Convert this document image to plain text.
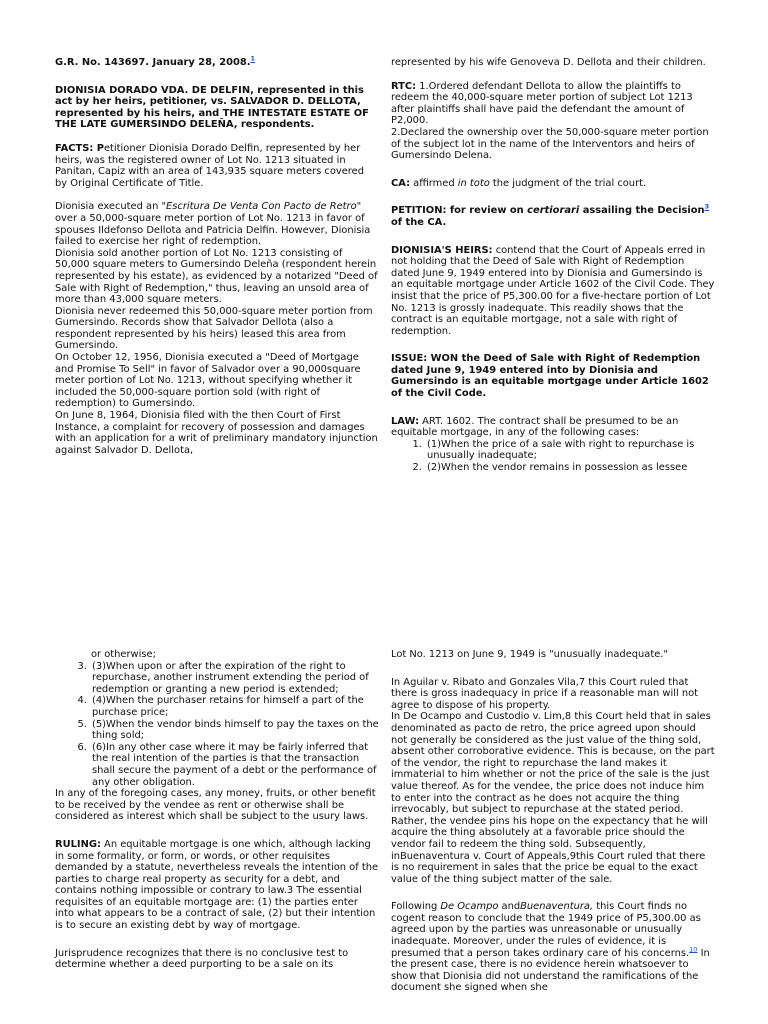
G.R. No. 143697. January 28, 2008.$^1$

DIONISIA DORADO VDA. DE DELFIN, represented in this act by her heirs, petitioner, vs. SALVADOR D. DELLOTA, represented by his heirs, and THE INTESTATE ESTATE OF THE LATE GUMERSINDO DELEÑA, respondents.

FACTS: Petitioner Dionisia Dorado Delfin, represented by her heirs, was the registered owner of Lot No. 1213 situated in Panitan, Capiz with an area of 143,935 square meters covered by Original Certificate of Title.

Dionisia executed an "Escritura De Venta Con Pacto de Retro" over a 50,000-square meter portion of Lot No. 1213 in favor of spouses Ildefonso Dellota and Patricia Delfin. However, Dionisia failed to exercise her right of redemption.

Dionisia sold another portion of Lot No. 1213 consisting of 50,000 square meters to Gumersindo Deleña (respondent herein represented by his estate), as evidenced by a notarized "Deed of Sale with Right of Redemption," thus, leaving an unsold area of more than 43,000 square meters.

Dionisia never redeemed this 50,000-square meter portion from Gumersindo. Records show that Salvador Dellota (also a respondent represented by his heirs) leased this area from Gumersindo.

On October 12, 1956, Dionisia executed a "Deed of Mortgage and Promise To Sell" in favor of Salvador over a 90,000square meter portion of Lot No. 1213, without specifying whether it included the 50,000-square portion sold (with right of redemption) to Gumersindo.

On June 8, 1964, Dionisia filed with the then Court of First Instance, a complaint for recovery of possession and damages with an application for a writ of preliminary mandatory injunction against Salvador D. Dellota,

represented by his wife Genoveva D. Dellota and their children.

RTC: 1.Ordered defendant Dellota to allow the plaintiffs to redeem the 40,000-square meter portion of subject Lot 1213 after plaintiffs shall have paid the defendant the amount of P2,000.

2.Declared the ownership over the 50,000-square meter portion of the subject lot in the name of the Interventors and heirs of Gumersindo Delena.

CA: affirmed in toto the judgment of the trial court.

PETITION: for review on certiorari assailing the Decision$^3$ of the CA.

DIONISIA'S HEIRS: contend that the Court of Appeals erred in not holding that the Deed of Sale with Right of Redemption dated June 9, 1949 entered into by Dionisia and Gumersindo is an equitable mortgage under Article 1602 of the Civil Code. They insist that the price of P5,300.00 for a five-hectare portion of Lot No. 1213 is grossly inadequate. This readily shows that the contract is an equitable mortgage, not a sale with right of redemption.

ISSUE: WON the Deed of Sale with Right of Redemption dated June 9, 1949 entered into by Dionisia and Gumersindo is an equitable mortgage under Article 1602 of the Civil Code.

LAW: ART. 1602. The contract shall be presumed to be an equitable mortgage, in any of the following cases:

1. (1)When the price of a sale with right to repurchase is unusually inadequate;
2. (2)When the vendor remains in possession as lessee

or otherwise;

3. (3)When upon or after the expiration of the right to repurchase, another instrument extending the period of redemption or granting a new period is extended;
4. (4)When the purchaser retains for himself a part of the purchase price;
5. (5)When the vendor binds himself to pay the taxes on the thing sold;
6. (6)In any other case where it may be fairly inferred that the real intention of the parties is that the transaction shall secure the payment of a debt or the performance of any other obligation.

In any of the foregoing cases, any money, fruits, or other benefit to be received by the vendee as rent or otherwise shall be considered as interest which shall be subject to the usury laws.

RULING: An equitable mortgage is one which, although lacking in some formality, or form, or words, or other requisites demanded by a statute, nevertheless reveals the intention of the parties to charge real property as security for a debt, and contains nothing impossible or contrary to law.3 The essential requisites of an equitable mortgage are: (1) the parties enter into what appears to be a contract of sale, (2) but their intention is to secure an existing debt by way of mortgage.

Jurisprudence recognizes that there is no conclusive test to determine whether a deed purporting to be a sale on its

Lot No. 1213 on June 9, 1949 is "unusually inadequate."

In Aguilar v. Ribato and Gonzales Vila,7 this Court ruled that there is gross inadequacy in price if a reasonable man will not agree to dispose of his property.

In De Ocampo and Custodio v. Lim,8 this Court held that in sales denominated as pacto de retro, the price agreed upon should not generally be considered as the just value of the thing sold, absent other corroborative evidence. This is because, on the part of the vendor, the right to repurchase the land makes it immaterial to him whether or not the price of the sale is the just value thereof. As for the vendee, the price does not induce him to enter into the contract as he does not acquire the thing irrevocably, but subject to repurchase at the stated period. Rather, the vendee pins his hope on the expectancy that he will acquire the thing absolutely at a favorable price should the vendor fail to redeem the thing sold. Subsequently, inBuenaventura v. Court of Appeals,9this Court ruled that there is no requirement in sales that the price be equal to the exact value of the thing subject matter of the sale.

Following De Ocampo andBuenaventura, this Court finds no cogent reason to conclude that the 1949 price of P5,300.00 as agreed upon by the parties was unreasonable or unusually inadequate. Moreover, under the rules of evidence, it is presumed that a person takes ordinary care of his concerns.$^{10}$ In the present case, there is no evidence herein whatsoever to show that Dionisia did not understand the ramifications of the document she signed when she
